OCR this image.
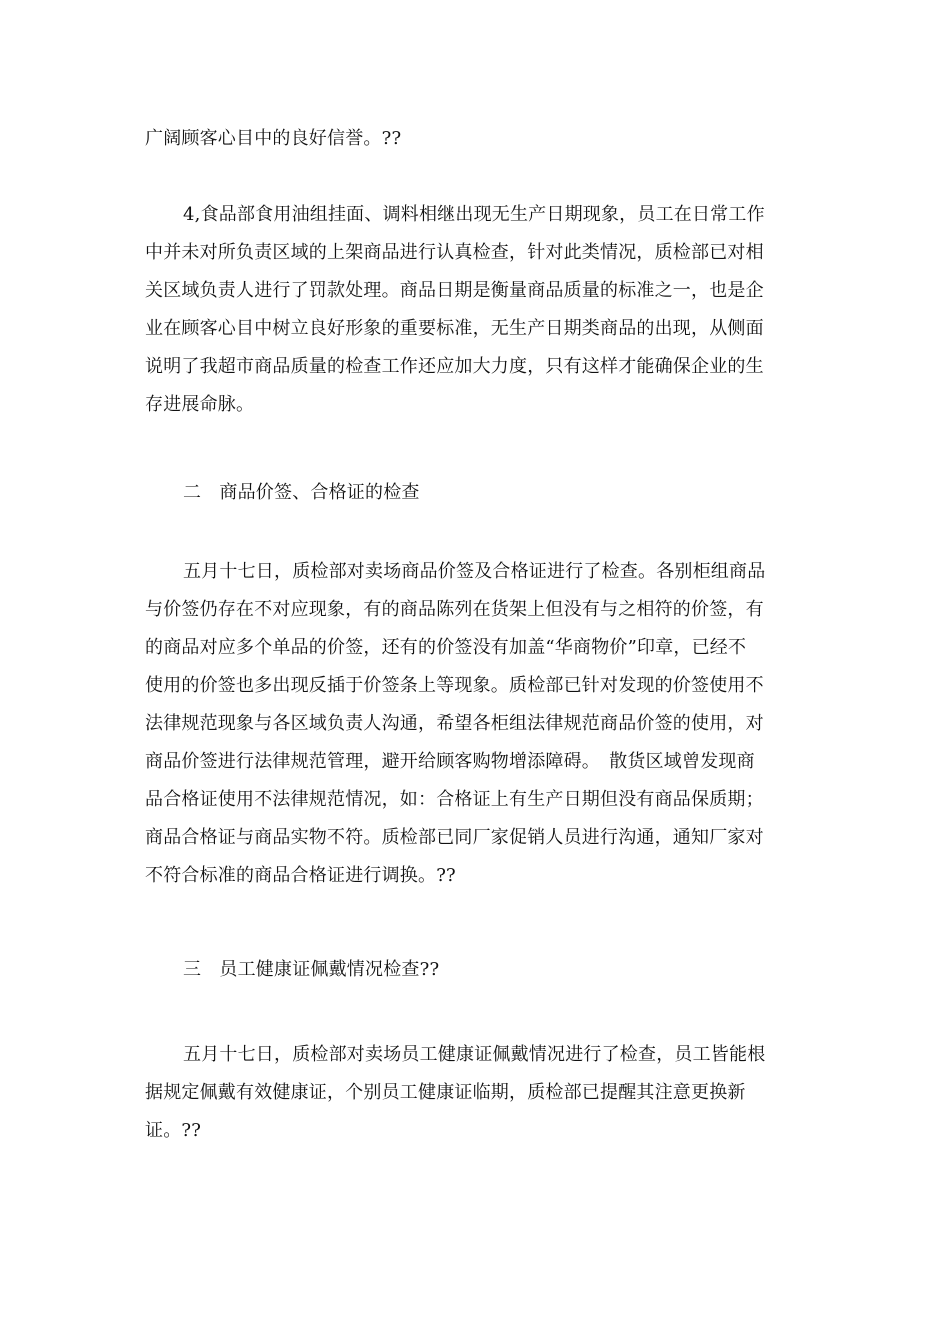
广阔顾客心目中的良好信誉。??
4,食品部食用油组挂面、调料相继出现无生产日期现象，员工在日常工作
中并未对所负责区域的上架商品进行认真检查，针对此类情况，质检部已对相
关区域负责人进行了罚款处理。商品日期是衡量商品质量的标准之一，也是企
业在顾客心目中树立良好形象的重要标准，无生产日期类商品的出现，从侧面
说明了我超市商品质量的检查工作还应加大力度，只有这样才能确保企业的生
存进展命脉。
二　商品价签、合格证的检查
五月十七日，质检部对卖场商品价签及合格证进行了检查。各别柜组商品
与价签仍存在不对应现象，有的商品陈列在货架上但没有与之相符的价签，有
的商品对应多个单品的价签，还有的价签没有加盖“华商物价”印章，已经不
使用的价签也多出现反插于价签条上等现象。质检部已针对发现的价签使用不
法律规范现象与各区域负责人沟通，希望各柜组法律规范商品价签的使用，对
商品价签进行法律规范管理，避开给顾客购物增添障碍。　散货区域曾发现商
品合格证使用不法律规范情况，如：合格证上有生产日期但没有商品保质期；
商品合格证与商品实物不符。质检部已同厂家促销人员进行沟通，通知厂家对
不符合标准的商品合格证进行调换。??
三　员工健康证佩戴情况检查??
五月十七日，质检部对卖场员工健康证佩戴情况进行了检查，员工皆能根
据规定佩戴有效健康证，个别员工健康证临期，质检部已提醒其注意更换新
证。??
